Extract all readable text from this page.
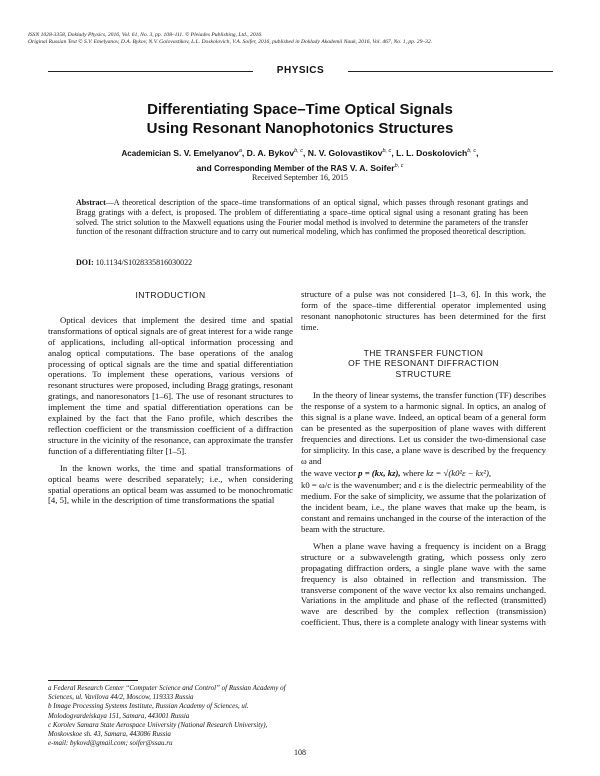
ISSN 1028-3358, Doklady Physics, 2016, Vol. 61, No. 3, pp. 108–111. © Pleiades Publishing, Ltd., 2016.
Original Russian Text © S.V. Emelyanov, D.A. Bykov, N.V. Golovastikov, L.L. Doskolovich, V.A. Soifer, 2016, published in Doklady Akademii Nauk, 2016, Vol. 467, No. 1, pp. 29–32.
PHYSICS
Differentiating Space–Time Optical Signals
Using Resonant Nanophotonics Structures
Academician S. V. Emelyanov$^a$, D. A. Bykov$^{b, c}$, N. V. Golovastikov$^{b, c}$, L. L. Doskolovich$^{b, c}$,
and Corresponding Member of the RAS V. A. Soifer$^{b, c}$
Received September 16, 2015
Abstract—A theoretical description of the space–time transformations of an optical signal, which passes through resonant gratings and Bragg gratings with a defect, is proposed. The problem of differentiating a space–time optical signal using a resonant grating has been solved. The strict solution to the Maxwell equations using the Fourier modal method is involved to determine the parameters of the transfer function of the resonant diffraction structure and to carry out numerical modeling, which has confirmed the proposed theoretical description.
DOI: 10.1134/S1028335816030022
INTRODUCTION

Optical devices that implement the desired time and spatial transformations of optical signals are of great interest for a wide range of applications, including all-optical information processing and analog optical computations. The base operations of the analog processing of optical signals are the time and spatial differentiation operations. To implement these operations, various versions of resonant structures were proposed, including Bragg gratings, resonant gratings, and nanoresonators [1–6]. The use of resonant structures to implement the time and spatial differentiation operations can be explained by the fact that the Fano profile, which describes the reflection coefficient or the transmission coefficient of a diffraction structure in the vicinity of the resonance, can approximate the transfer function of a differentiating filter [1–5].

In the known works, the time and spatial transformations of optical beams were described separately; i.e., when considering spatial operations an optical beam was assumed to be monochromatic [4, 5], while in the description of time transformations the spatial

structure of a pulse was not considered [1–3, 6]. In this work, the form of the space–time differential operator implemented using resonant nanophotonic structures has been determined for the first time.

THE TRANSFER FUNCTION
OF THE RESONANT DIFFRACTION
STRUCTURE

In the theory of linear systems, the transfer function (TF) describes the response of a system to a harmonic signal. In optics, an analog of this signal is a plane wave. Indeed, an optical beam of a general form can be presented as the superposition of plane waves with different frequencies and directions. Let us consider the two-dimensional case for simplicity. In this case, a plane wave is described by the frequency ω and

the wave vector p = (kx, kz), where kz = √(k0²ε − kx²),

k0 = ω/c is the wavenumber; and ε is the dielectric permeability of the medium. For the sake of simplicity, we assume that the polarization of the incident beam, i.e., the plane waves that make up the beam, is constant and remains unchanged in the course of the interaction of the beam with the structure.

When a plane wave having a frequency is incident on a Bragg structure or a subwavelength grating, which possess only zero propagating diffraction orders, a single plane wave with the same frequency is also obtained in reflection and transmission. The transverse component of the wave vector kx also remains unchanged. Variations in the amplitude and phase of the reflected (transmitted) wave are described by the complex reflection (transmission) coefficient. Thus, there is a complete analogy with linear systems with

a Federal Research Center “Computer Science and Control” of Russian Academy of Sciences, ul. Vavilova 44/2, Moscow, 119333 Russia
b Image Processing Systems Institute, Russian Academy of Sciences, ul. Molodogvardeiskaya 151, Samara, 443001 Russia
c Korolev Samara State Aerospace University (National Research University), Moskovskoe sh. 43, Samara, 443086 Russia
e-mail: bykovd@gmail.com; soifer@ssau.ru
108
